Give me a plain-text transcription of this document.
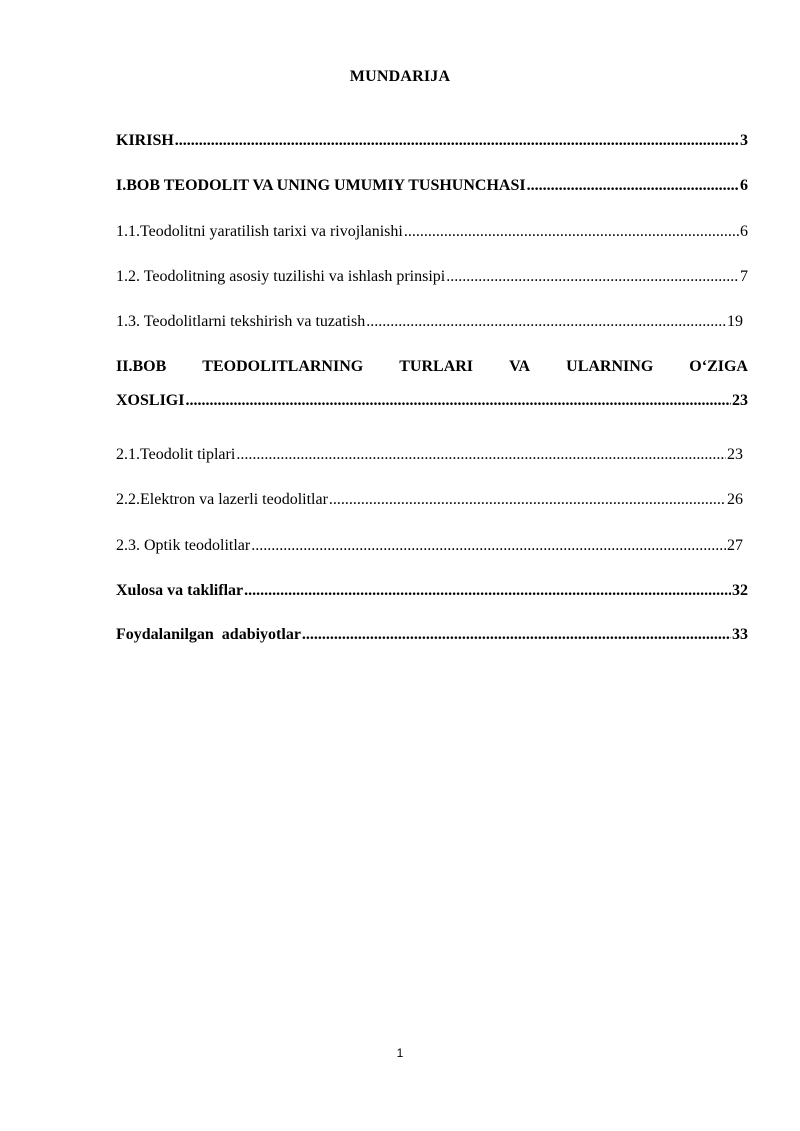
MUNDARIJA
KIRISH .....	3
I.BOB TEODOLIT VA UNING UMUMIY TUSHUNCHASI .....	6
1.1.Teodolitni yaratilish tarixi va rivojlanishi .....	6
1.2. Teodolitning asosiy tuzilishi va ishlash prinsipi .....	7
1.3. Teodolitlarni tekshirish va tuzatish .....	19
II.BOB TEODOLITLARNING TURLARI VA ULARNING O‘ZIGA
XOSLIGI .....	23
2.1.Teodolit tiplari .....	23
2.2.Elektron va lazerli teodolitlar .....	26
2.3. Optik teodolitlar .....	27
Xulosa va takliflar .....	32
Foydalanilgan  adabiyotlar .....	33
1
